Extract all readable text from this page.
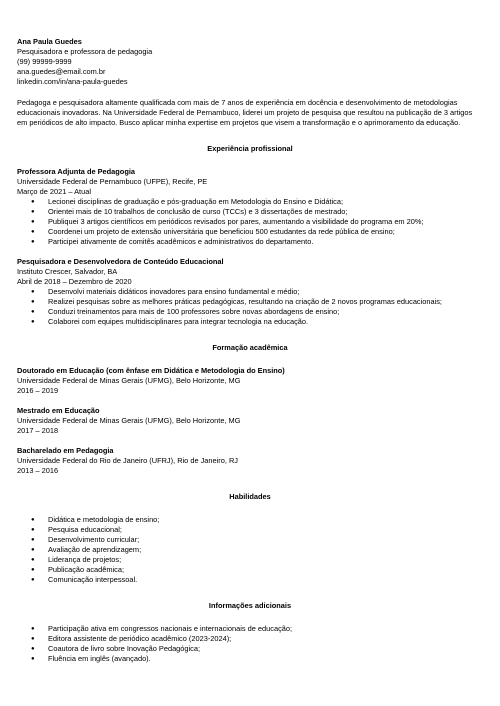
Ana Paula Guedes
Pesquisadora e professora de pedagogia
(99) 99999-9999
ana.guedes@email.com.br
linkedin.com/in/ana-paula-guedes
Pedagoga e pesquisadora altamente qualificada com mais de 7 anos de experiência em docência e desenvolvimento de metodologias educacionais inovadoras. Na Universidade Federal de Pernambuco, liderei um projeto de pesquisa que resultou na publicação de 3 artigos em periódicos de alto impacto. Busco aplicar minha expertise em projetos que visem a transformação e o aprimoramento da educação.
Experiência profissional
Professora Adjunta de Pedagogia
Universidade Federal de Pernambuco (UFPE), Recife, PE
Março de 2021 – Atual
● Lecionei disciplinas de graduação e pós-graduação em Metodologia do Ensino e Didática;
● Orientei mais de 10 trabalhos de conclusão de curso (TCCs) e 3 dissertações de mestrado;
● Publiquei 3 artigos científicos em periódicos revisados por pares, aumentando a visibilidade do programa em 20%;
● Coordenei um projeto de extensão universitária que beneficiou 500 estudantes da rede pública de ensino;
● Participei ativamente de comitês acadêmicos e administrativos do departamento.
Pesquisadora e Desenvolvedora de Conteúdo Educacional
Instituto Crescer, Salvador, BA
Abril de 2018 – Dezembro de 2020
● Desenvolvi materiais didáticos inovadores para ensino fundamental e médio;
● Realizei pesquisas sobre as melhores práticas pedagógicas, resultando na criação de 2 novos programas educacionais;
● Conduzi treinamentos para mais de 100 professores sobre novas abordagens de ensino;
● Colaborei com equipes multidisciplinares para integrar tecnologia na educação.
Formação acadêmica
Doutorado em Educação (com ênfase em Didática e Metodologia do Ensino)
Universidade Federal de Minas Gerais (UFMG), Belo Horizonte, MG
2016 – 2019
Mestrado em Educação
Universidade Federal de Minas Gerais (UFMG), Belo Horizonte, MG
2017 – 2018
Bacharelado em Pedagogia
Universidade Federal do Rio de Janeiro (UFRJ), Rio de Janeiro, RJ
2013 – 2016
Habilidades
● Didática e metodologia de ensino;
● Pesquisa educacional;
● Desenvolvimento curricular;
● Avaliação de aprendizagem;
● Liderança de projetos;
● Publicação acadêmica;
● Comunicação interpessoal.
Informações adicionais
● Participação ativa em congressos nacionais e internacionais de educação;
● Editora assistente de periódico acadêmico (2023-2024);
● Coautora de livro sobre Inovação Pedagógica;
● Fluência em inglês (avançado).
